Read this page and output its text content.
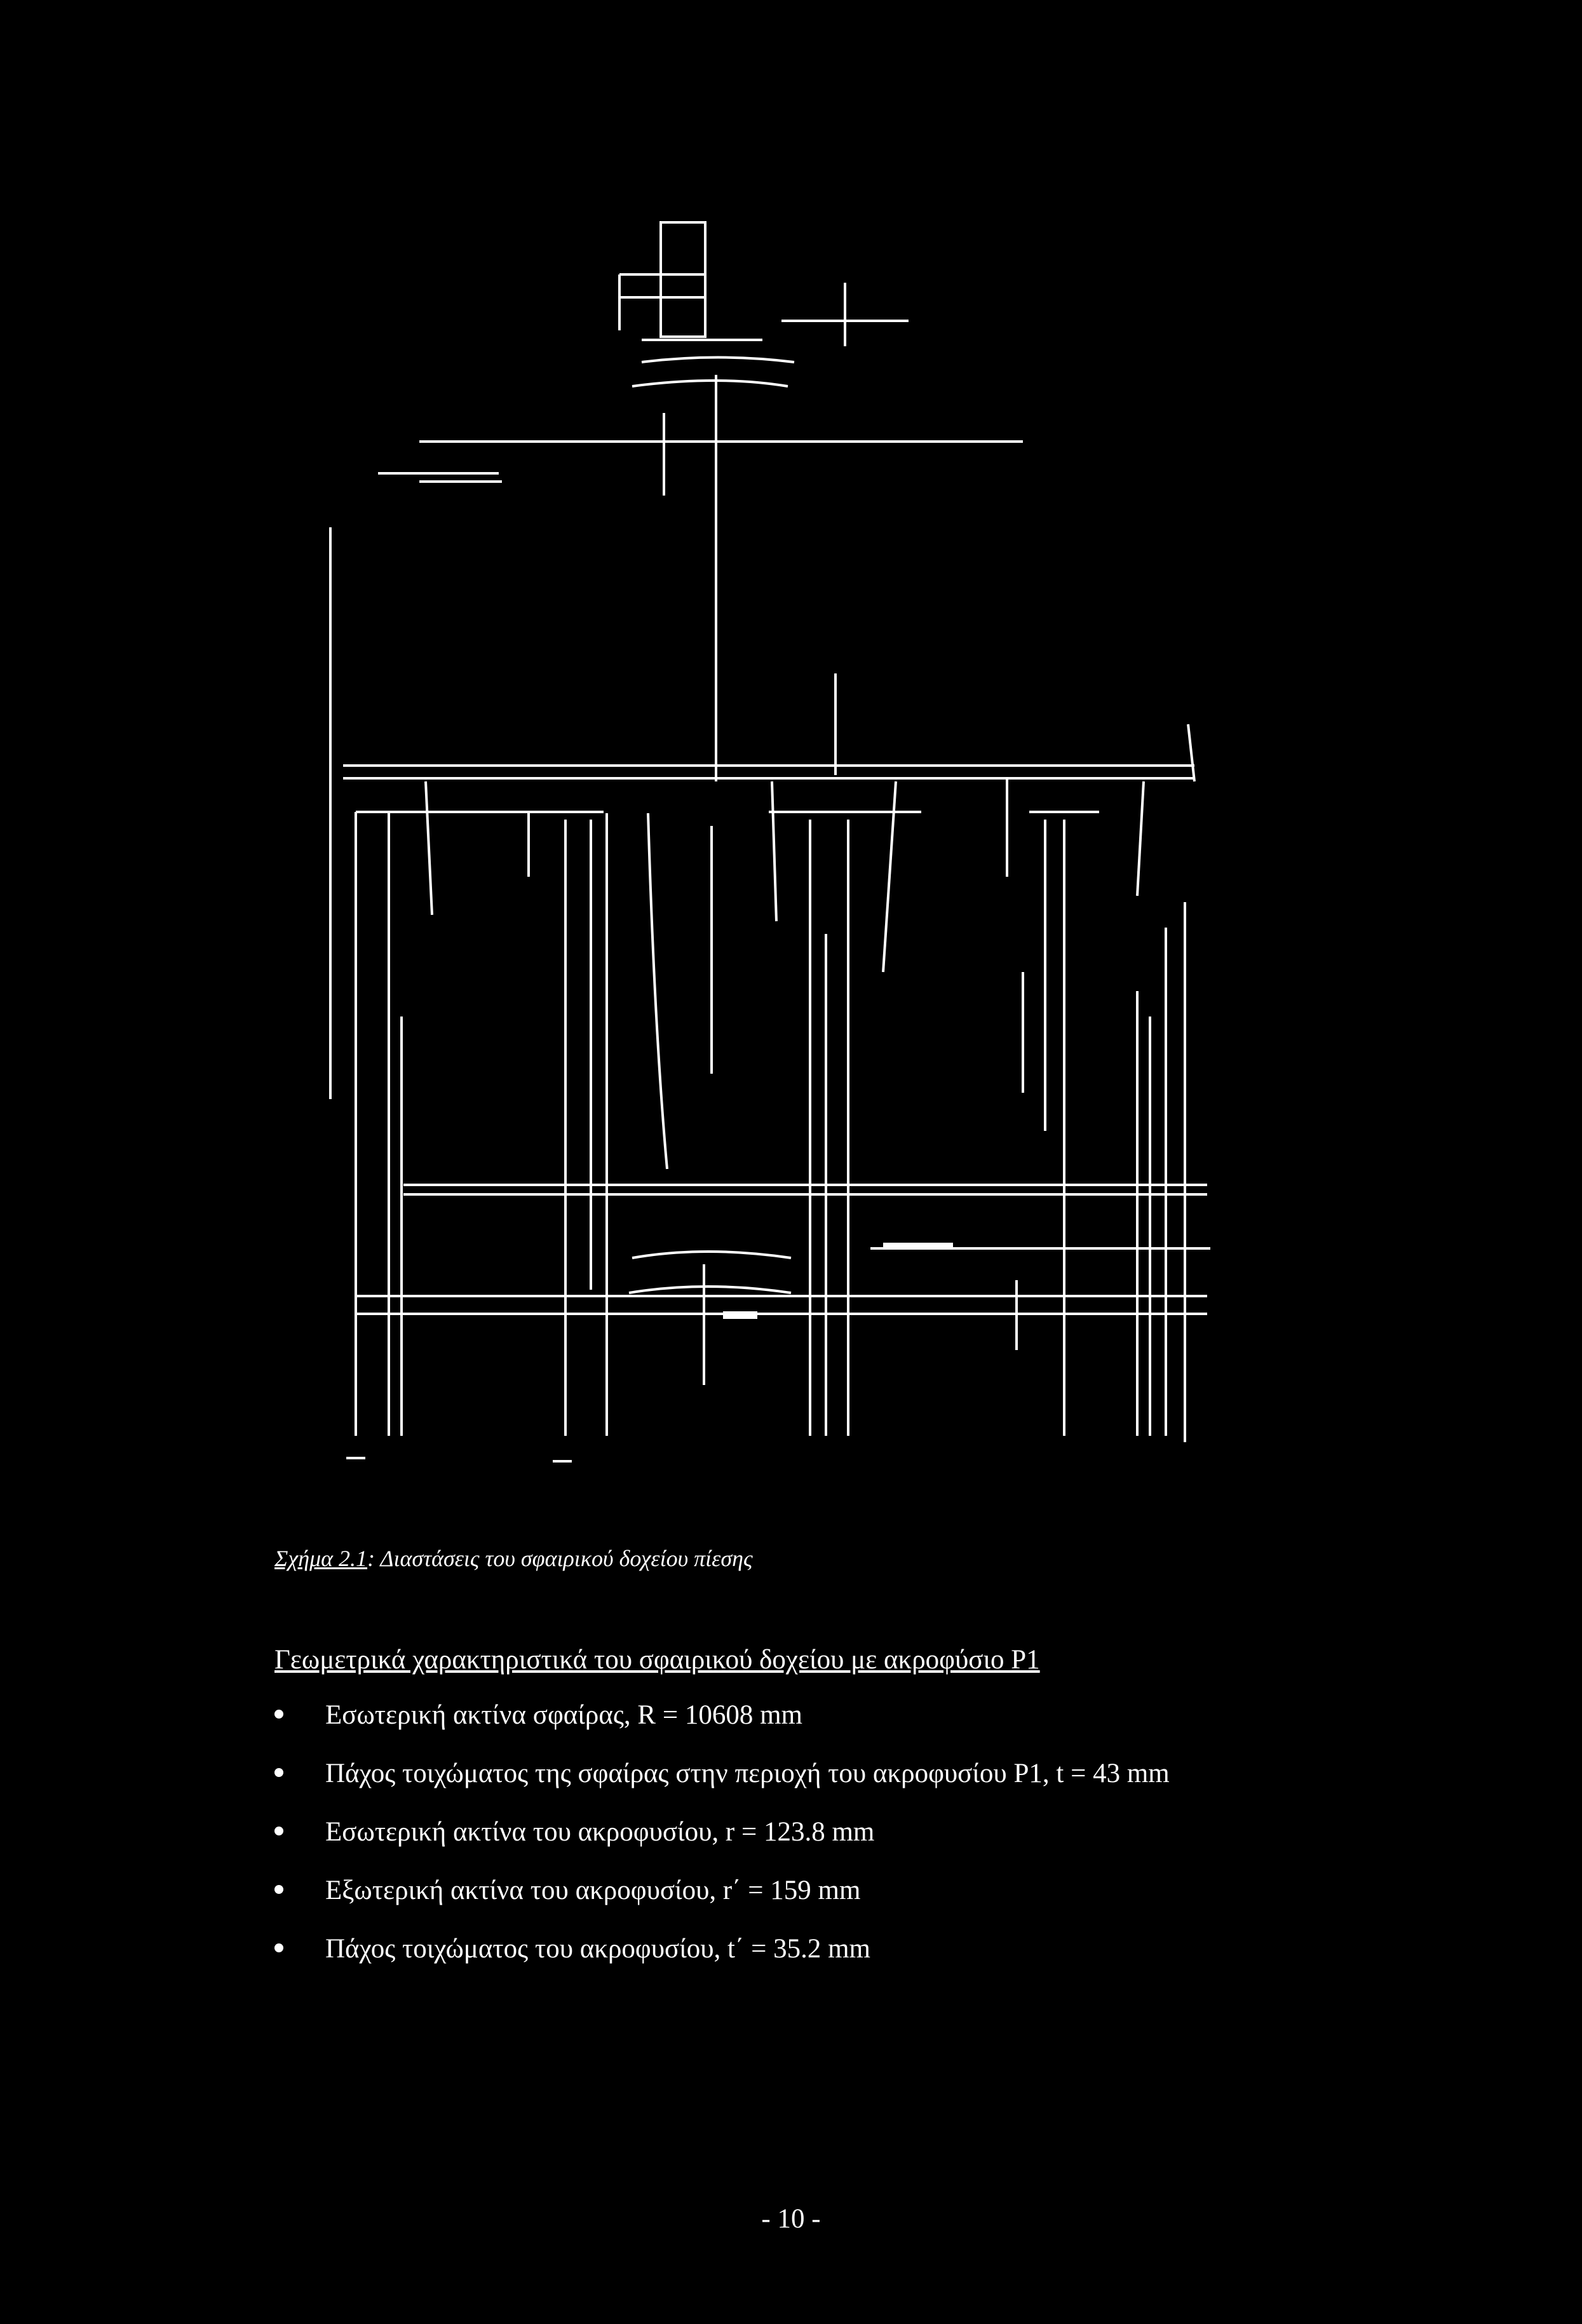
Σχήμα 2.1: Διαστάσεις του σφαιρικού δοχείου πίεσης
Γεωμετρικά χαρακτηριστικά του σφαιρικού δοχείου με ακροφύσιο Ρ1
Εσωτερική ακτίνα σφαίρας, R = 10608 mm
Πάχος τοιχώματος της σφαίρας στην περιοχή του ακροφυσίου Ρ1, t = 43 mm
Εσωτερική ακτίνα του ακροφυσίου, r = 123.8 mm
Εξωτερική ακτίνα του ακροφυσίου, r΄ = 159 mm
Πάχος τοιχώματος του ακροφυσίου, t΄ = 35.2 mm
- 10 -
